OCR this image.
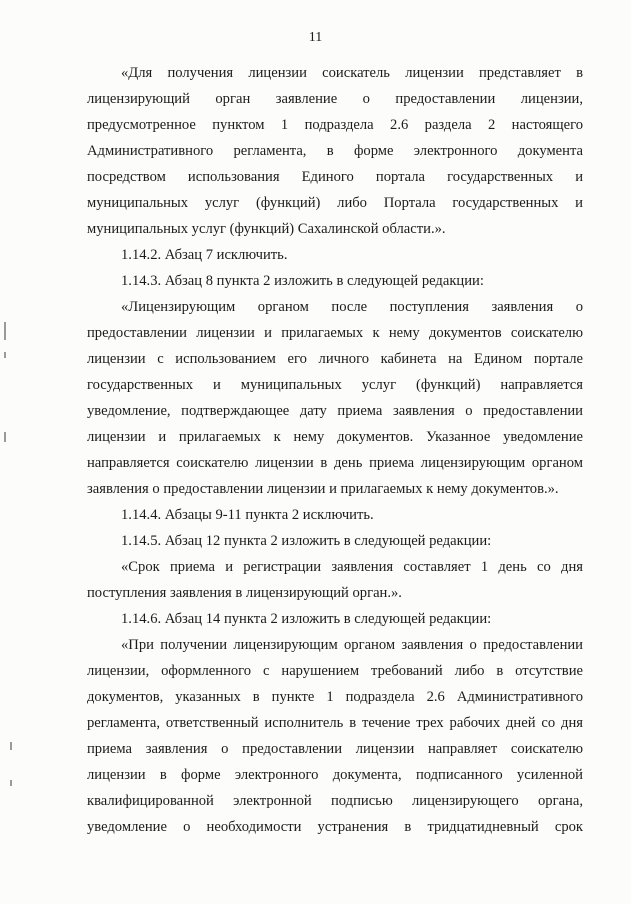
11
«Для получения лицензии соискатель лицензии представляет в
лицензирующий орган заявление о предоставлении лицензии,
предусмотренное пунктом 1 подраздела 2.6 раздела 2 настоящего
Административного регламента, в форме электронного документа
посредством использования Единого портала государственных и
муниципальных услуг (функций) либо Портала государственных и
муниципальных услуг (функций) Сахалинской области.».
1.14.2. Абзац 7 исключить.
1.14.3. Абзац 8 пункта 2 изложить в следующей редакции:
«Лицензирующим органом после поступления заявления о
предоставлении лицензии и прилагаемых к нему документов соискателю
лицензии с использованием его личного кабинета на Едином портале
государственных и муниципальных услуг (функций) направляется
уведомление, подтверждающее дату приема заявления о предоставлении
лицензии и прилагаемых к нему документов. Указанное уведомление
направляется соискателю лицензии в день приема лицензирующим органом
заявления о предоставлении лицензии и прилагаемых к нему документов.».
1.14.4. Абзацы 9-11 пункта 2 исключить.
1.14.5. Абзац 12 пункта 2 изложить в следующей редакции:
«Срок приема и регистрации заявления составляет 1 день со дня
поступления заявления в лицензирующий орган.».
1.14.6. Абзац 14 пункта 2 изложить в следующей редакции:
«При получении лицензирующим органом заявления о предоставлении
лицензии, оформленного с нарушением требований либо в отсутствие
документов, указанных в пункте 1 подраздела 2.6 Административного
регламента, ответственный исполнитель в течение трех рабочих дней со дня
приема заявления о предоставлении лицензии направляет соискателю
лицензии в форме электронного документа, подписанного усиленной
квалифицированной электронной подписью лицензирующего органа,
уведомление о необходимости устранения в тридцатидневный срок
